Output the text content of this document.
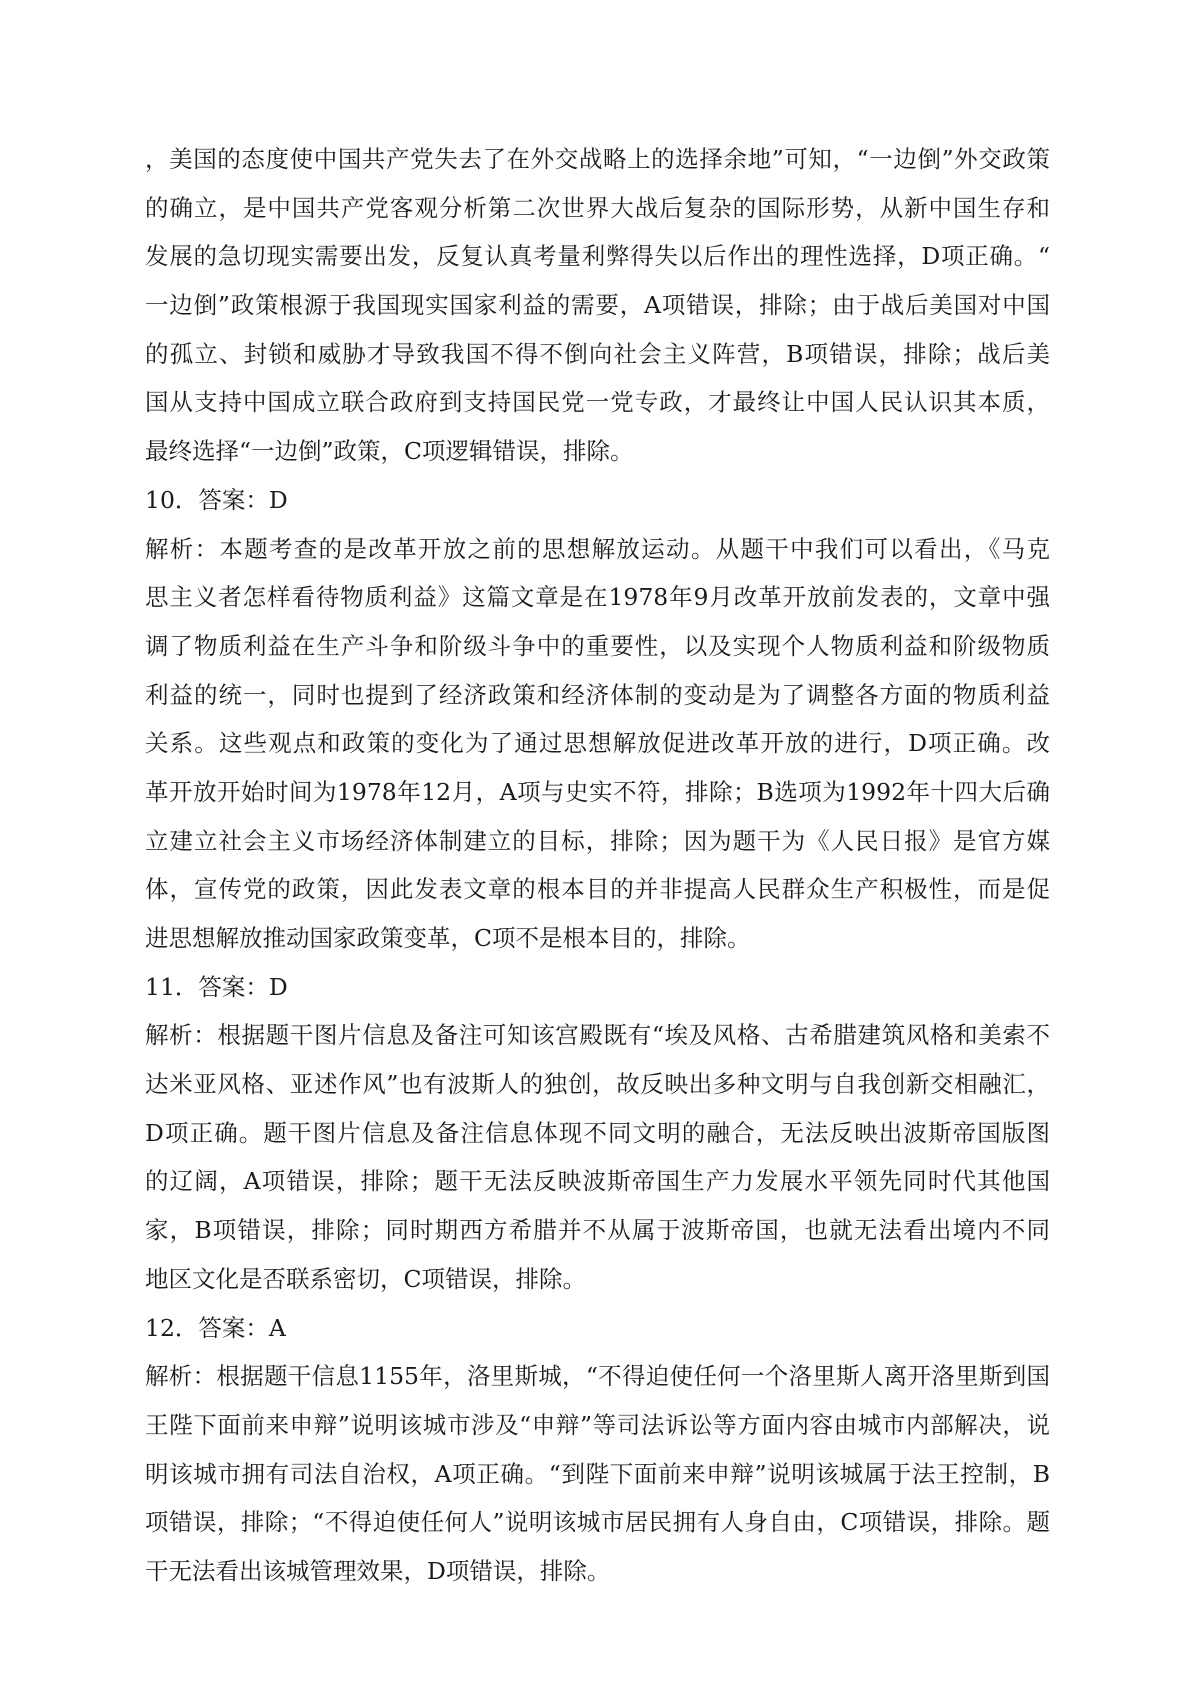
，美国的态度使中国共产党失去了在外交战略上的选择余地”可知，“一边倒”外交政策
的确立，是中国共产党客观分析第二次世界大战后复杂的国际形势，从新中国生存和
发展的急切现实需要出发，反复认真考量利弊得失以后作出的理性选择，D项正确。“
一边倒”政策根源于我国现实国家利益的需要，A项错误，排除；由于战后美国对中国
的孤立、封锁和威胁才导致我国不得不倒向社会主义阵营，B项错误，排除；战后美
国从支持中国成立联合政府到支持国民党一党专政，才最终让中国人民认识其本质，
最终选择“一边倒”政策，C项逻辑错误，排除。
10．答案：D
解析：本题考查的是改革开放之前的思想解放运动。从题干中我们可以看出，《马克
思主义者怎样看待物质利益》这篇文章是在1978年9月改革开放前发表的，文章中强
调了物质利益在生产斗争和阶级斗争中的重要性，以及实现个人物质利益和阶级物质
利益的统一，同时也提到了经济政策和经济体制的变动是为了调整各方面的物质利益
关系。这些观点和政策的变化为了通过思想解放促进改革开放的进行，D项正确。改
革开放开始时间为1978年12月，A项与史实不符，排除；B选项为1992年十四大后确
立建立社会主义市场经济体制建立的目标，排除；因为题干为《人民日报》是官方媒
体，宣传党的政策，因此发表文章的根本目的并非提高人民群众生产积极性，而是促
进思想解放推动国家政策变革，C项不是根本目的，排除。
11．答案：D
解析：根据题干图片信息及备注可知该宫殿既有“埃及风格、古希腊建筑风格和美索不
达米亚风格、亚述作风”也有波斯人的独创，故反映出多种文明与自我创新交相融汇，
D项正确。题干图片信息及备注信息体现不同文明的融合，无法反映出波斯帝国版图
的辽阔，A项错误，排除；题干无法反映波斯帝国生产力发展水平领先同时代其他国
家，B项错误，排除；同时期西方希腊并不从属于波斯帝国，也就无法看出境内不同
地区文化是否联系密切，C项错误，排除。
12．答案：A
解析：根据题干信息1155年，洛里斯城，“不得迫使任何一个洛里斯人离开洛里斯到国
王陛下面前来申辩”说明该城市涉及“申辩”等司法诉讼等方面内容由城市内部解决，说
明该城市拥有司法自治权，A项正确。“到陛下面前来申辩”说明该城属于法王控制，B
项错误，排除；“不得迫使任何人”说明该城市居民拥有人身自由，C项错误，排除。题
干无法看出该城管理效果，D项错误，排除。
